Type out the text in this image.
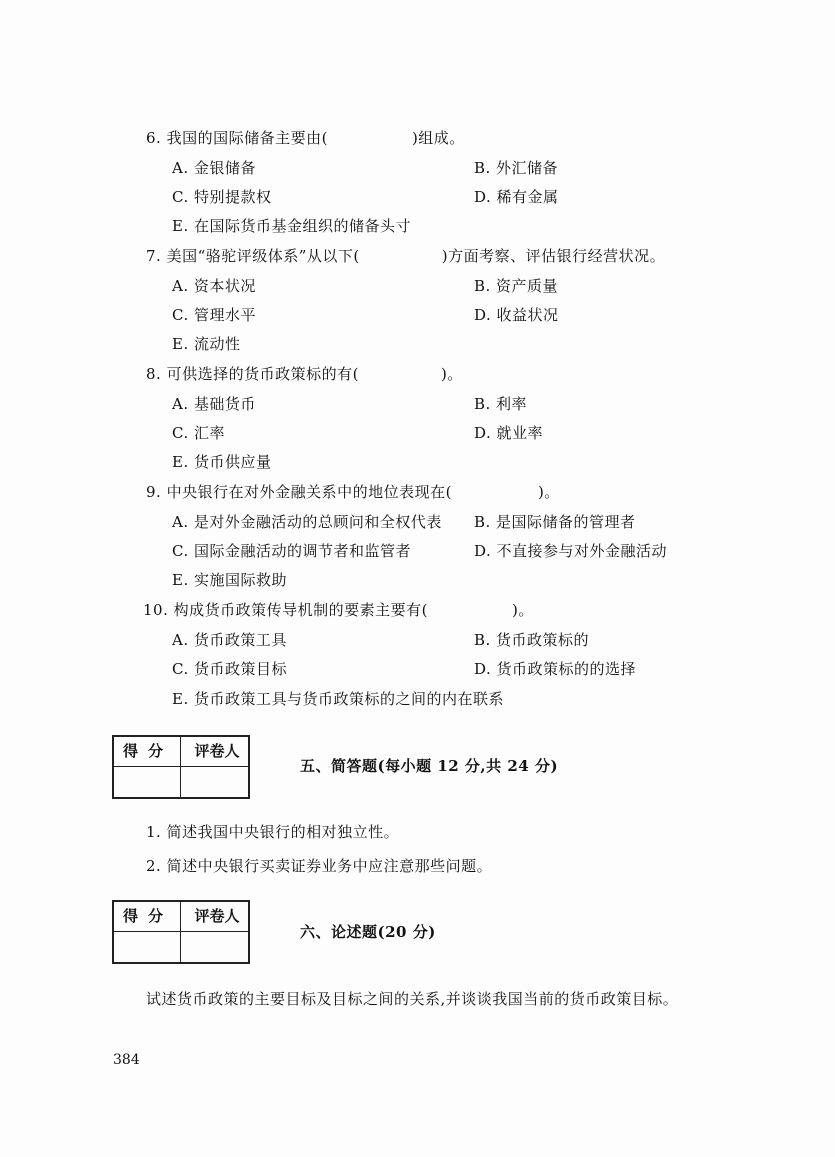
6. 我国的国际储备主要由(	)组成。
A. 金银储备	B. 外汇储备
C. 特别提款权	D. 稀有金属
E. 在国际货币基金组织的储备头寸
7. 美国“骆驼评级体系”从以下(	)方面考察、评估银行经营状况。
A. 资本状况	B. 资产质量
C. 管理水平	D. 收益状况
E. 流动性
8. 可供选择的货币政策标的有(	)。
A. 基础货币	B. 利率
C. 汇率	D. 就业率
E. 货币供应量
9. 中央银行在对外金融关系中的地位表现在(	)。
A. 是对外金融活动的总顾问和全权代表 B. 是国际储备的管理者
C. 国际金融活动的调节者和监管者	D. 不直接参与对外金融活动
E. 实施国际救助
10. 构成货币政策传导机制的要素主要有(	)。
A. 货币政策工具	B. 货币政策标的
C. 货币政策目标	D. 货币政策标的的选择
E. 货币政策工具与货币政策标的之间的内在联系
得分	评卷人
五、简答题(每小题 12 分,共 24 分)
1. 简述我国中央银行的相对独立性。
2. 简述中央银行买卖证券业务中应注意那些问题。
得分	评卷人
六、论述题(20 分)
试述货币政策的主要目标及目标之间的关系,并谈谈我国当前的货币政策目标。
384
